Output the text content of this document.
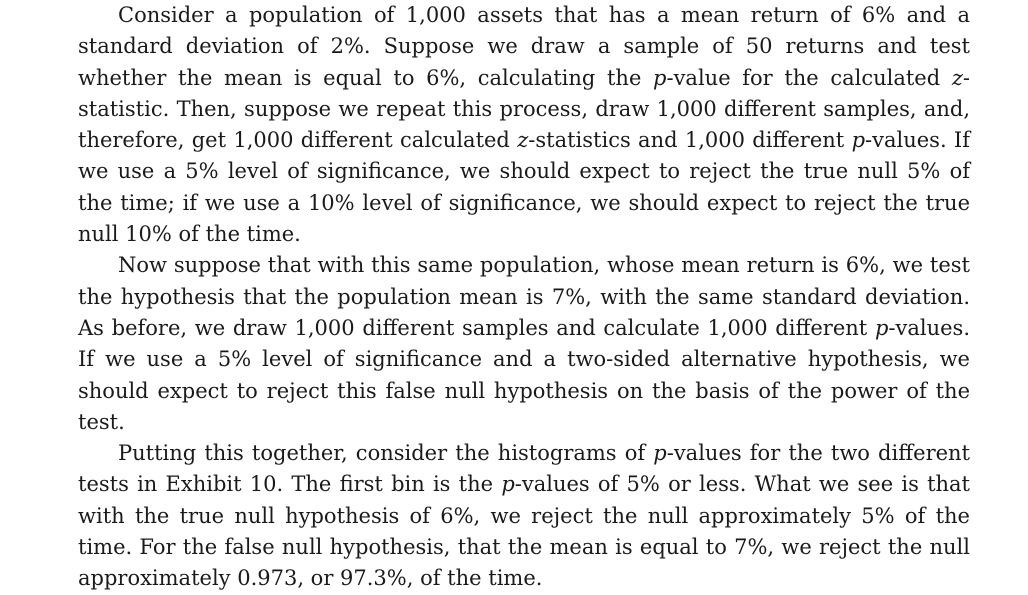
Consider a population of 1,000 assets that has a mean return of 6% and a standard deviation of 2%. Suppose we draw a sample of 50 returns and test whether the mean is equal to 6%, calculating the p-value for the calculated z-statistic. Then, suppose we repeat this process, draw 1,000 different samples, and, therefore, get 1,000 different calculated z-statistics and 1,000 different p-values. If we use a 5% level of significance, we should expect to reject the true null 5% of the time; if we use a 10% level of significance, we should expect to reject the true null 10% of the time.

Now suppose that with this same population, whose mean return is 6%, we test the hypothesis that the population mean is 7%, with the same standard deviation. As before, we draw 1,000 different samples and calculate 1,000 different p-values. If we use a 5% level of significance and a two-sided alternative hypothesis, we should expect to reject this false null hypothesis on the basis of the power of the test.

Putting this together, consider the histograms of p-values for the two different tests in Exhibit 10. The first bin is the p-values of 5% or less. What we see is that with the true null hypothesis of 6%, we reject the null approximately 5% of the time. For the false null hypothesis, that the mean is equal to 7%, we reject the null approximately 0.973, or 97.3%, of the time.
